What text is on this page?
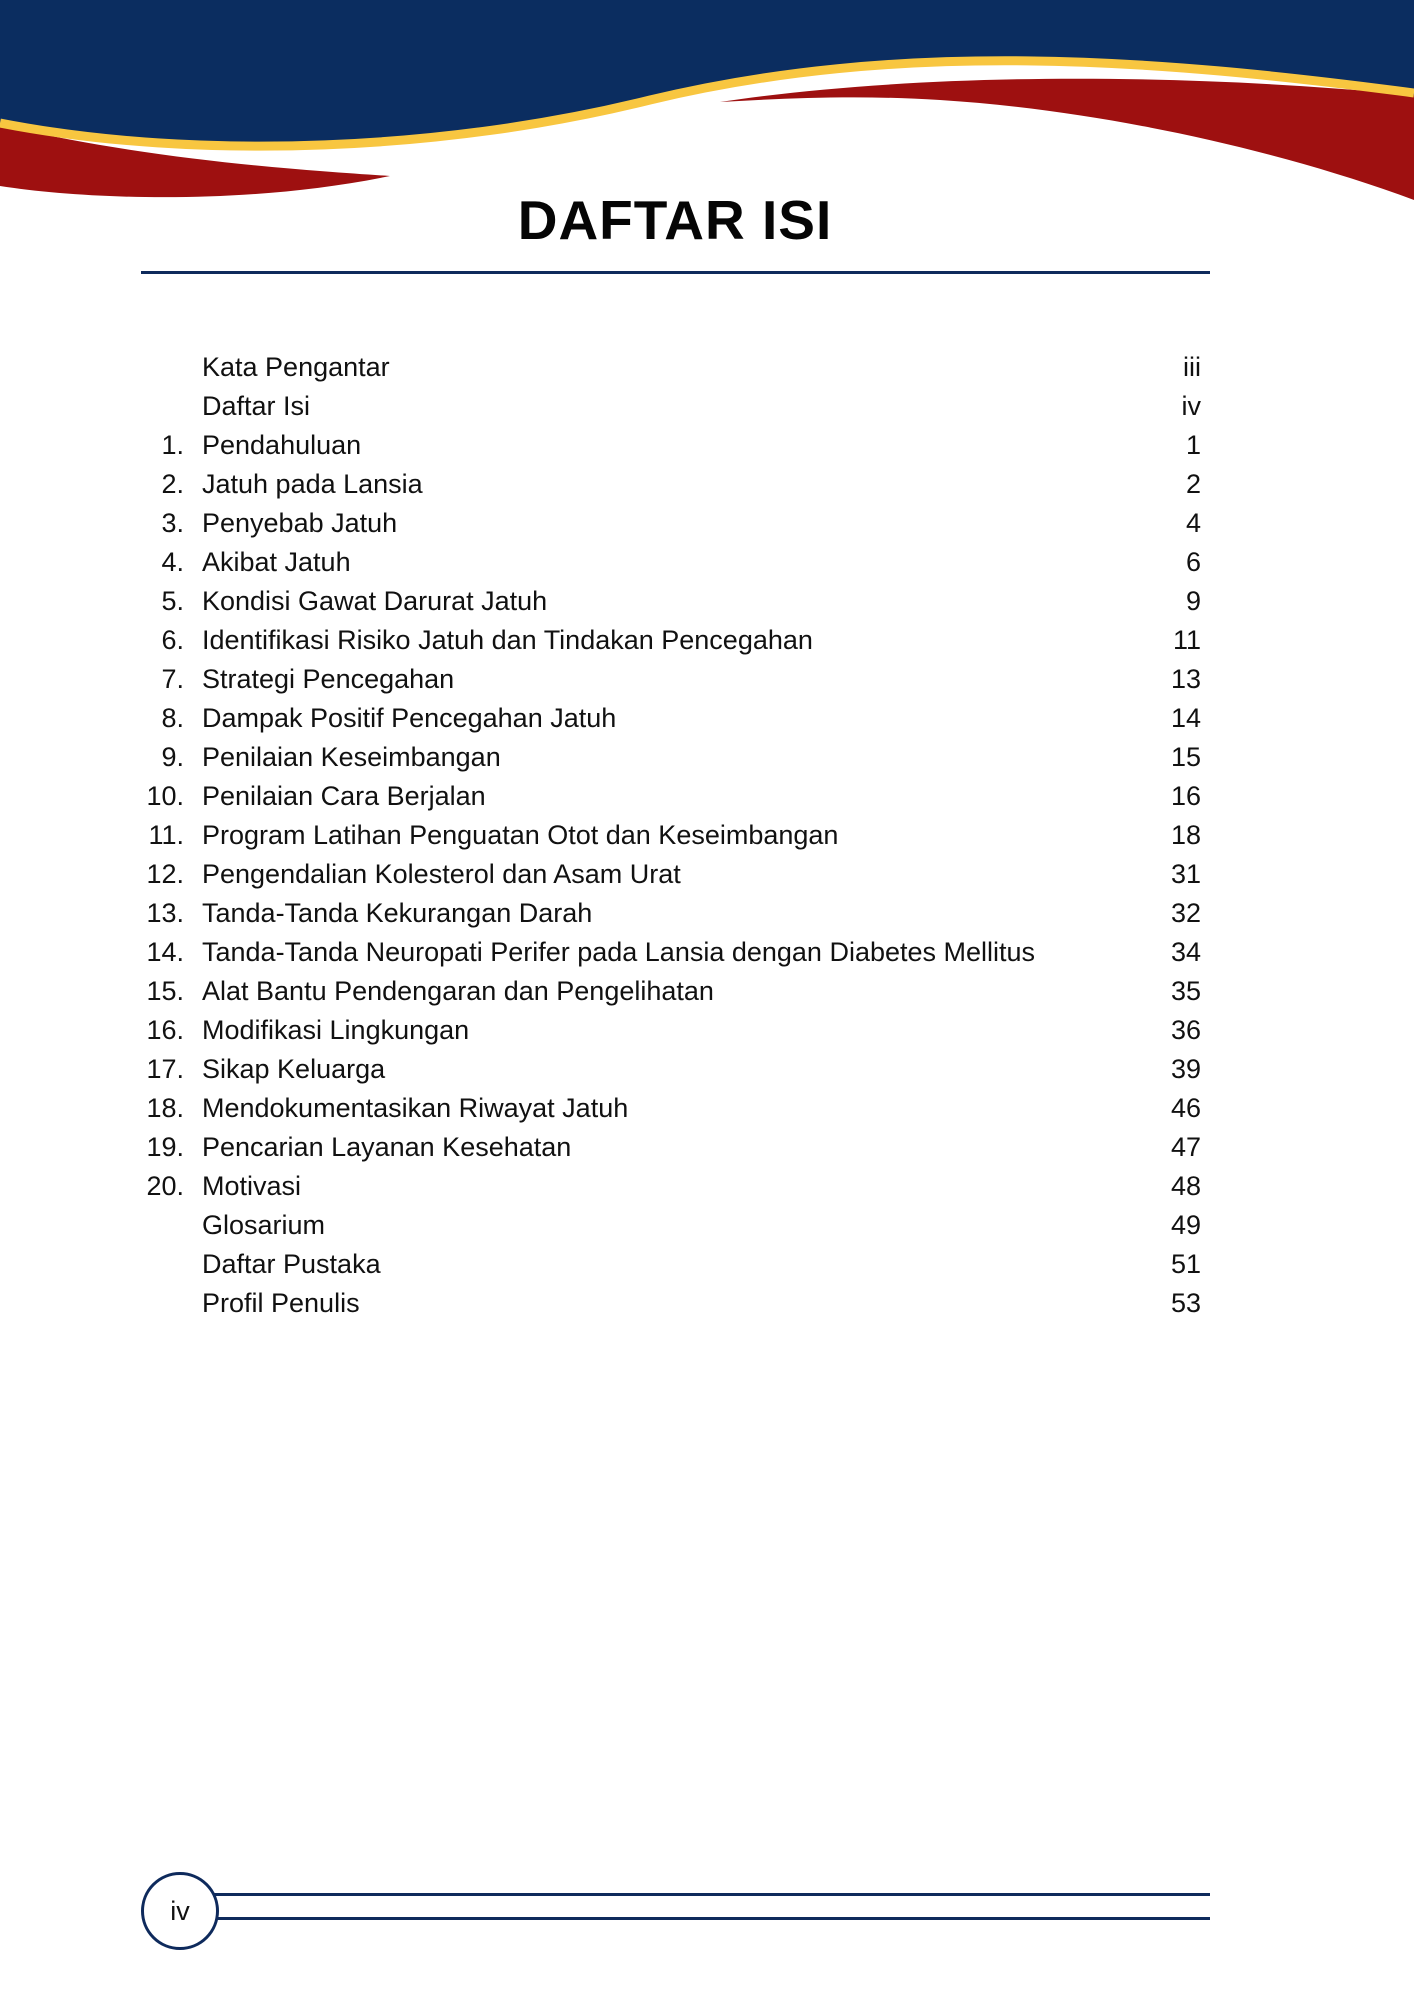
DAFTAR ISI
Kata Pengantar	iii
Daftar Isi	iv
1. Pendahuluan	1
2. Jatuh pada Lansia	2
3. Penyebab Jatuh	4
4. Akibat Jatuh	6
5. Kondisi Gawat Darurat Jatuh	9
6. Identifikasi Risiko Jatuh dan Tindakan Pencegahan	11
7. Strategi Pencegahan	13
8. Dampak Positif Pencegahan Jatuh	14
9. Penilaian Keseimbangan	15
10. Penilaian Cara Berjalan	16
11. Program Latihan Penguatan Otot dan Keseimbangan	18
12. Pengendalian Kolesterol dan Asam Urat	31
13. Tanda-Tanda Kekurangan Darah	32
14. Tanda-Tanda Neuropati Perifer pada Lansia dengan Diabetes Mellitus	34
15. Alat Bantu Pendengaran dan Pengelihatan	35
16. Modifikasi Lingkungan	36
17. Sikap Keluarga	39
18. Mendokumentasikan Riwayat Jatuh	46
19. Pencarian Layanan Kesehatan	47
20. Motivasi	48
Glosarium	49
Daftar Pustaka	51
Profil Penulis	53
iv
